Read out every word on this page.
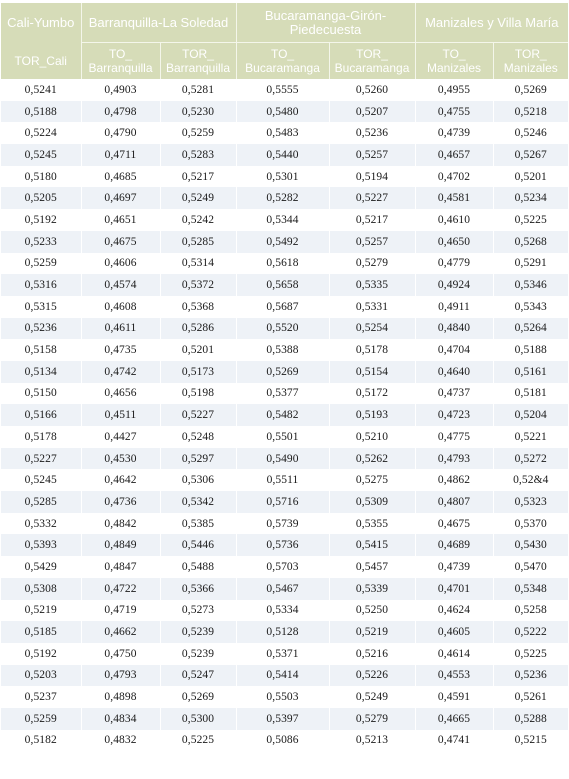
Cali-Yumbo	Barranquilla-La Soledad		Bucaramanga-Girón-Piedecuesta		Manizales y Villa María	
TOR_Cali	TO_ Barranquilla	TOR_ Barranquilla	TO_ Bucaramanga	TOR_ Bucaramanga	TO_ Manizales	TOR_ Manizales
0,5241	0,4903	0,5281	0,5555	0,5260	0,4955	0,5269
0,5188	0,4798	0,5230	0,5480	0,5207	0,4755	0,5218
0,5224	0,4790	0,5259	0,5483	0,5236	0,4739	0,5246
0,5245	0,4711	0,5283	0,5440	0,5257	0,4657	0,5267
0,5180	0,4685	0,5217	0,5301	0,5194	0,4702	0,5201
0,5205	0,4697	0,5249	0,5282	0,5227	0,4581	0,5234
0,5192	0,4651	0,5242	0,5344	0,5217	0,4610	0,5225
0,5233	0,4675	0,5285	0,5492	0,5257	0,4650	0,5268
0,5259	0,4606	0,5314	0,5618	0,5279	0,4779	0,5291
0,5316	0,4574	0,5372	0,5658	0,5335	0,4924	0,5346
0,5315	0,4608	0,5368	0,5687	0,5331	0,4911	0,5343
0,5236	0,4611	0,5286	0,5520	0,5254	0,4840	0,5264
0,5158	0,4735	0,5201	0,5388	0,5178	0,4704	0,5188
0,5134	0,4742	0,5173	0,5269	0,5154	0,4640	0,5161
0,5150	0,4656	0,5198	0,5377	0,5172	0,4737	0,5181
0,5166	0,4511	0,5227	0,5482	0,5193	0,4723	0,5204
0,5178	0,4427	0,5248	0,5501	0,5210	0,4775	0,5221
0,5227	0,4530	0,5297	0,5490	0,5262	0,4793	0,5272
0,5245	0,4642	0,5306	0,5511	0,5275	0,4862	0,52&4
0,5285	0,4736	0,5342	0,5716	0,5309	0,4807	0,5323
0,5332	0,4842	0,5385	0,5739	0,5355	0,4675	0,5370
0,5393	0,4849	0,5446	0,5736	0,5415	0,4689	0,5430
0,5429	0,4847	0,5488	0,5703	0,5457	0,4739	0,5470
0,5308	0,4722	0,5366	0,5467	0,5339	0,4701	0,5348
0,5219	0,4719	0,5273	0,5334	0,5250	0,4624	0,5258
0,5185	0,4662	0,5239	0,5128	0,5219	0,4605	0,5222
0,5192	0,4750	0,5239	0,5371	0,5216	0,4614	0,5225
0,5203	0,4793	0,5247	0,5414	0,5226	0,4553	0,5236
0,5237	0,4898	0,5269	0,5503	0,5249	0,4591	0,5261
0,5259	0,4834	0,5300	0,5397	0,5279	0,4665	0,5288
0,5182	0,4832	0,5225	0,5086	0,5213	0,4741	0,5215
